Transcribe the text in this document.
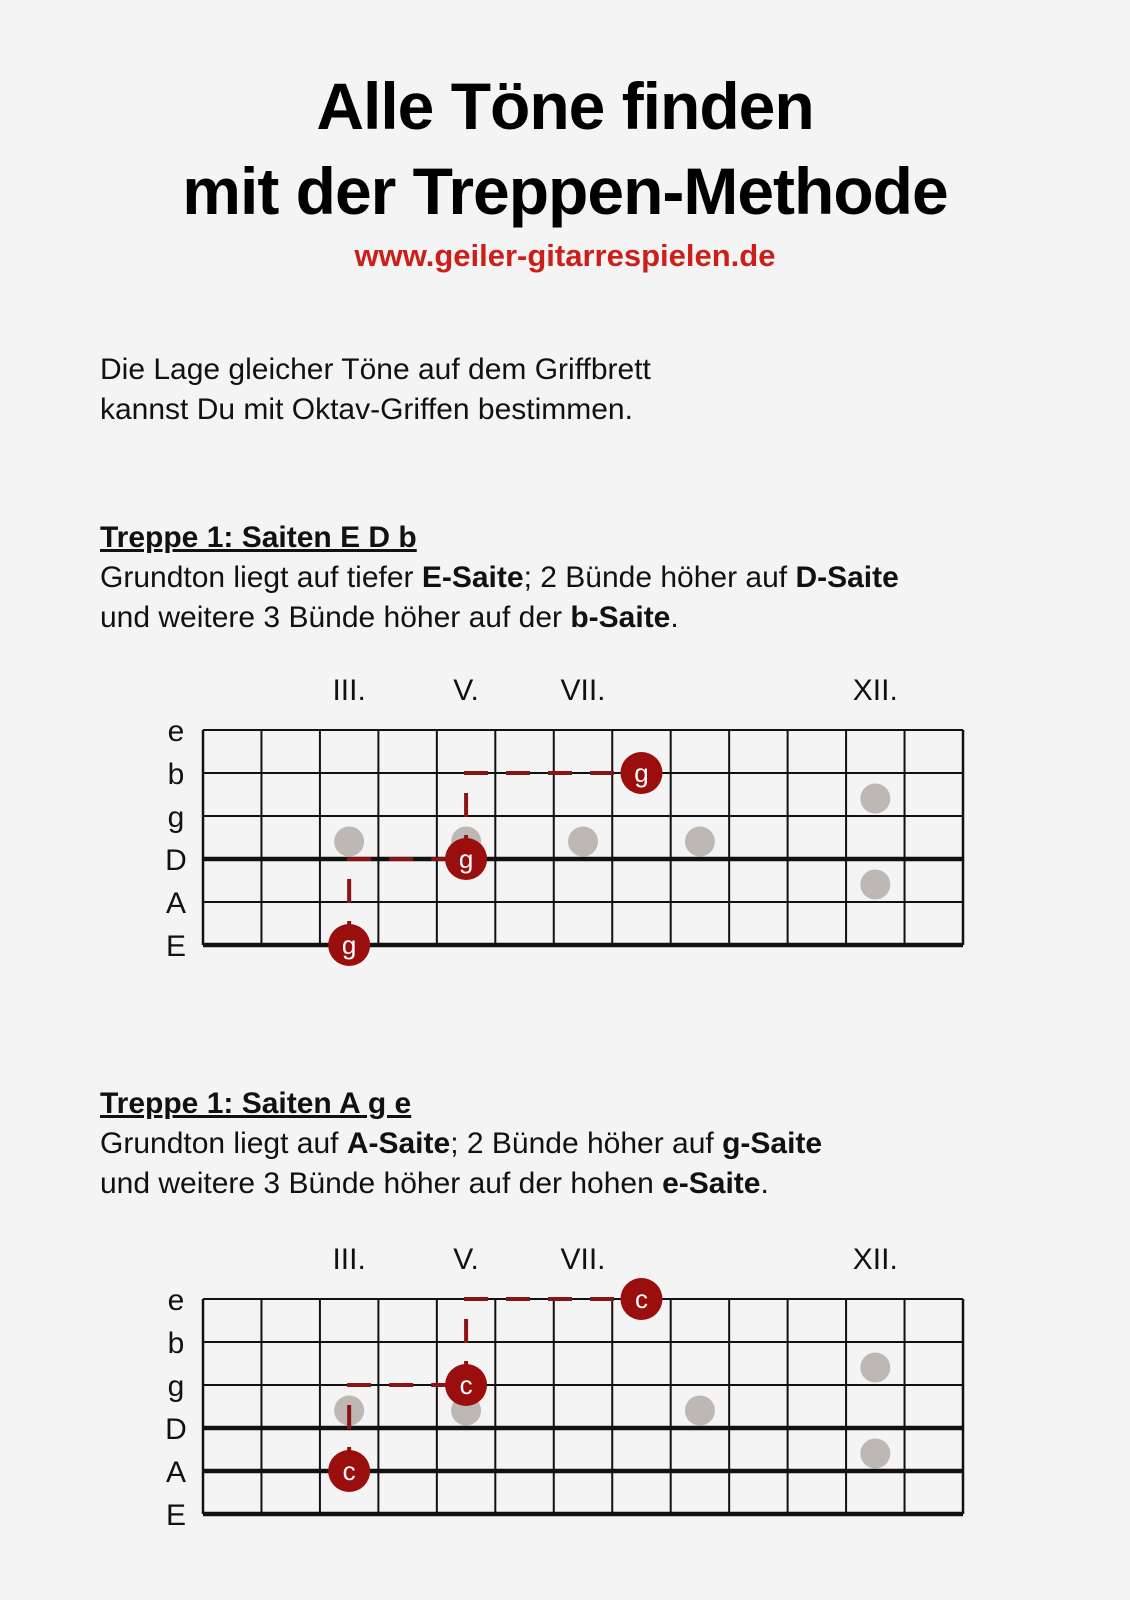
Alle Töne finden
mit der Treppen-Methode
www.geiler-gitarrespielen.de
Die Lage gleicher Töne auf dem Griffbrett
kannst Du mit Oktav-Griffen bestimmen.
Treppe 1: Saiten E D b
Grundton liegt auf tiefer E-Saite; 2 Bünde höher auf D-Saite
und weitere 3 Bünde höher auf der b-Saite.
Treppe 1: Saiten A g e
Grundton liegt auf A-Saite; 2 Bünde höher auf g-Saite
und weitere 3 Bünde höher auf der hohen e-Saite.
III.	V.	VII.	XII.
e
b
g
D
A
E	g
g
g
III.	V.	VII.	XII.
e
b
g
D
A
E
c
c
c
